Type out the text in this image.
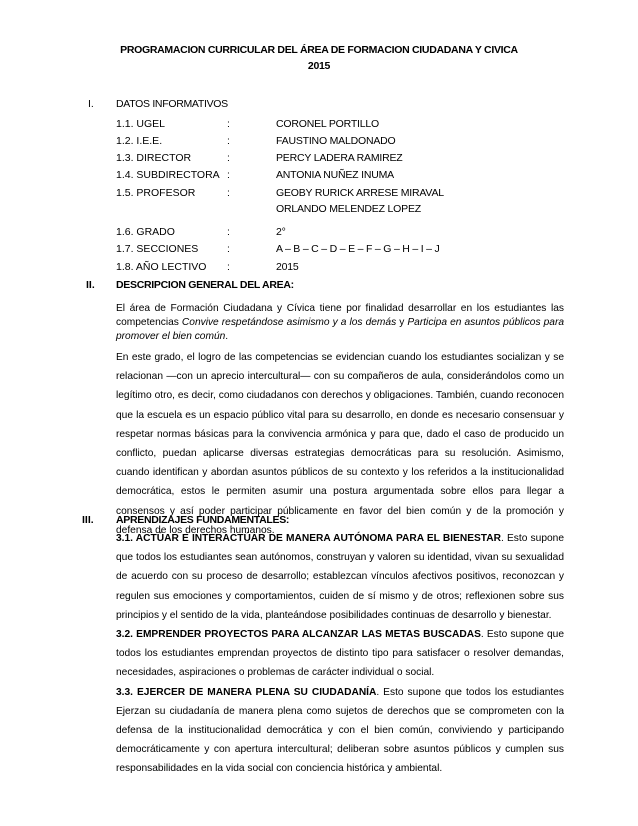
PROGRAMACION CURRICULAR DEL ÁREA DE FORMACION CIUDADANA Y CIVICA
2015
I. DATOS INFORMATIVOS
1.1. UGEL	:	CORONEL PORTILLO
1.2. I.E.E.	:	FAUSTINO MALDONADO
1.3. DIRECTOR	:	PERCY LADERA RAMIREZ
1.4. SUBDIRECTORA :	ANTONIA NUÑEZ INUMA
1.5. PROFESOR	:	GEOBY RURICK ARRESE MIRAVAL
ORLANDO MELENDEZ LOPEZ
1.6. GRADO	:	2°
1.7. SECCIONES	:	A – B – C – D – E – F – G – H – I – J
1.8. AÑO LECTIVO :	2015
II. DESCRIPCION GENERAL DEL AREA:

El área de Formación Ciudadana y Cívica tiene por finalidad desarrollar en los estudiantes las competencias Convive respetándose asimismo y a los demás y Participa en asuntos públicos para promover el bien común.

En este grado, el logro de las competencias se evidencian cuando los estudiantes socializan y se relacionan —con un aprecio intercultural— con su compañeros de aula, considerándolos como un legítimo otro, es decir, como ciudadanos con derechos y obligaciones. También, cuando reconocen que la escuela es un espacio público vital para su desarrollo, en donde es necesario consensuar y respetar normas básicas para la convivencia armónica y para que, dado el caso de producido un conflicto, puedan aplicarse diversas estrategias democráticas para su resolución. Asimismo, cuando identifican y abordan asuntos públicos de su contexto y los referidos a la institucionalidad democrática, estos le permiten asumir una postura argumentada sobre ellos para llegar a consensos y así poder participar públicamente en favor del bien común y de la promoción y defensa de los derechos humanos.

III. APRENDIZAJES FUNDAMENTALES:

3.1. ACTÚAR E INTERACTÚAR DE MANERA AUTÓNOMA PARA EL BIENESTAR. Esto supone que todos los estudiantes sean autónomos, construyan y valoren su identidad, vivan su sexualidad de acuerdo con su proceso de desarrollo; establezcan vínculos afectivos positivos, reconozcan y regulen sus emociones y comportamientos, cuiden de sí mismo y de otros; reflexionen sobre sus principios y el sentido de la vida, planteándose posibilidades continuas de desarrollo y bienestar.

3.2. EMPRENDER PROYECTOS PARA ALCANZAR LAS METAS BUSCADAS. Esto supone que todos los estudiantes emprendan proyectos de distinto tipo para satisfacer o resolver demandas, necesidades, aspiraciones o problemas de carácter individual o social.

3.3. EJERCER DE MANERA PLENA SU CIUDADANÍA. Esto supone que todos los estudiantes Ejerzan su ciudadanía de manera plena como sujetos de derechos que se comprometen con la defensa de la institucionalidad democrática y con el bien común, conviviendo y participando democráticamente y con apertura intercultural; deliberan sobre asuntos públicos y cumplen sus responsabilidades en la vida social con conciencia histórica y ambiental.
